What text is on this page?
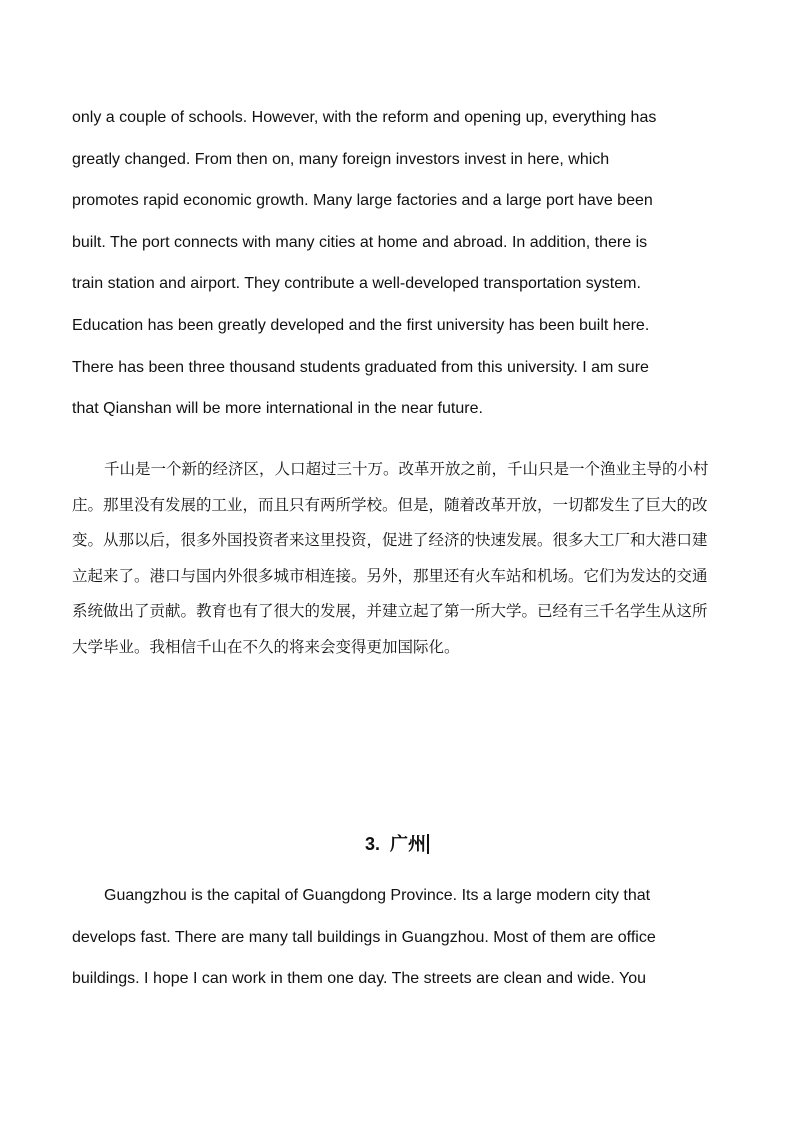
only a couple of schools. However, with the reform and opening up, everything has
greatly changed. From then on, many foreign investors invest in here, which
promotes rapid economic growth. Many large factories and a large port have been
built. The port connects with many cities at home and abroad. In addition, there is
train station and airport. They contribute a well-developed transportation system.
Education has been greatly developed and the first university has been built here.
There has been three thousand students graduated from this university. I am sure
that Qianshan will be more international in the near future.
千山是一个新的经济区，人口超过三十万。改革开放之前，千山只是一个渔业主导的小村
庄。那里没有发展的工业，而且只有两所学校。但是，随着改革开放，一切都发生了巨大的改
变。从那以后，很多外国投资者来这里投资，促进了经济的快速发展。很多大工厂和大港口建
立起来了。港口与国内外很多城市相连接。另外，那里还有火车站和机场。它们为发达的交通
系统做出了贡献。教育也有了很大的发展，并建立起了第一所大学。已经有三千名学生从这所
大学毕业。我相信千山在不久的将来会变得更加国际化。
3. 广州
Guangzhou is the capital of Guangdong Province. Its a large modern city that
develops fast. There are many tall buildings in Guangzhou. Most of them are office
buildings. I hope I can work in them one day. The streets are clean and wide. You
